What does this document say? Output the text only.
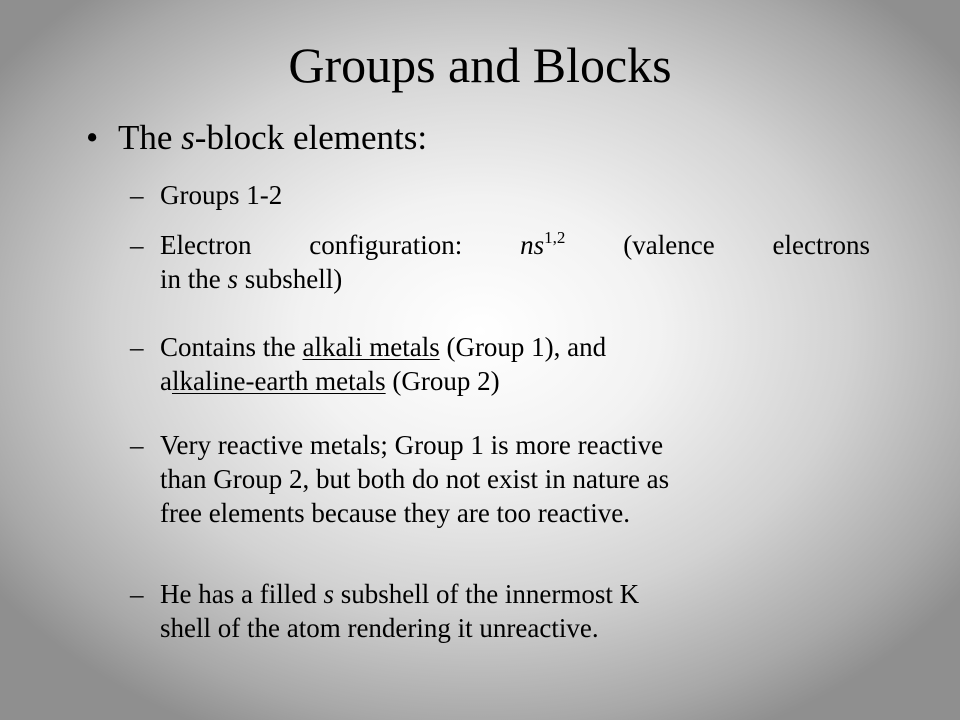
Groups and Blocks
• The s-block elements:
– Groups 1-2
– Electron configuration: ns$^{1,2}$ (valence electrons
in the s subshell)
– Contains the alkali metals (Group 1), and
alkaline-earth metals (Group 2)
– Very reactive metals; Group 1 is more reactive
than Group 2, but both do not exist in nature as
free elements because they are too reactive.
– He has a filled s subshell of the innermost K
shell of the atom rendering it unreactive.
